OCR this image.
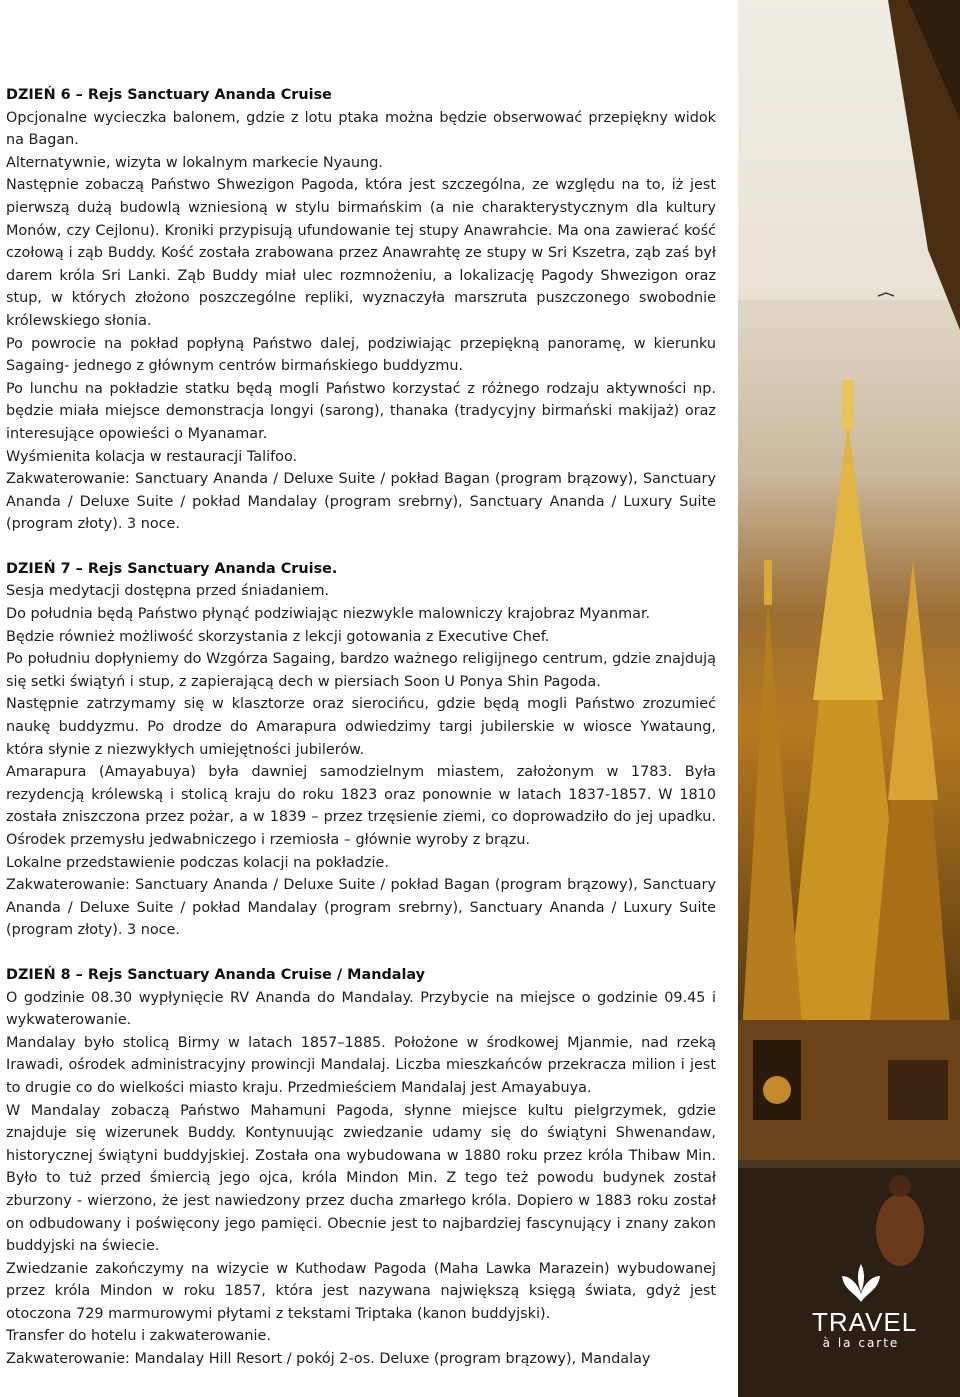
TRAVEL
à la carte

DZIEŃ 6 – Rejs Sanctuary Ananda Cruise

Opcjonalne wycieczka balonem, gdzie z lotu ptaka można będzie obserwować przepiękny widok na Bagan.

Alternatywnie, wizyta w lokalnym markecie Nyaung.

Następnie zobaczą Państwo Shwezigon Pagoda, która jest szczególna, ze względu na to, iż jest pierwszą dużą budowlą wzniesioną w stylu birmańskim (a nie charakterystycznym dla kultury Monów, czy Cejlonu). Kroniki przypisują ufundowanie tej stupy Anawrahcie. Ma ona zawierać kość czołową i ząb Buddy. Kość została zrabowana przez Anawrahtę ze stupy w Sri Kszetra, ząb zaś był darem króla Sri Lanki. Ząb Buddy miał ulec rozmnożeniu, a lokalizację Pagody Shwezigon oraz stup, w których złożono poszczególne repliki, wyznaczyła marszruta puszczonego swobodnie królewskiego słonia.

Po powrocie na pokład popłyną Państwo dalej, podziwiając przepiękną panoramę, w kierunku Sagaing- jednego z głównym centrów birmańskiego buddyzmu.

Po lunchu na pokładzie statku będą mogli Państwo korzystać z różnego rodzaju aktywności np. będzie miała miejsce demonstracja longyi (sarong), thanaka (tradycyjny birmański makijaż) oraz interesujące opowieści o Myanamar.

Wyśmienita kolacja w restauracji Talifoo.

Zakwaterowanie: Sanctuary Ananda / Deluxe Suite / pokład Bagan (program brązowy), Sanctuary Ananda / Deluxe Suite / pokład Mandalay (program srebrny), Sanctuary Ananda / Luxury Suite (program złoty). 3 noce.

DZIEŃ 7 – Rejs Sanctuary Ananda Cruise.

Sesja medytacji dostępna przed śniadaniem.

Do południa będą Państwo płynąć podziwiając niezwykle malowniczy krajobraz Myanmar.

Będzie również możliwość skorzystania z lekcji gotowania z Executive Chef.

Po południu dopłyniemy do Wzgórza Sagaing, bardzo ważnego religijnego centrum, gdzie znajdują się setki świątyń i stup, z zapierającą dech w piersiach Soon U Ponya Shin Pagoda.

Następnie zatrzymamy się w klasztorze oraz sierocińcu, gdzie będą mogli Państwo zrozumieć naukę buddyzmu. Po drodze do Amarapura odwiedzimy targi jubilerskie w wiosce Ywataung, która słynie z niezwykłych umiejętności jubilerów.

Amarapura (Amayabuya) była dawniej samodzielnym miastem, założonym w 1783. Była rezydencją królewską i stolicą kraju do roku 1823 oraz ponownie w latach 1837-1857. W 1810 została zniszczona przez pożar, a w 1839 – przez trzęsienie ziemi, co doprowadziło do jej upadku. Ośrodek przemysłu jedwabniczego i rzemiosła – głównie wyroby z brązu.

Lokalne przedstawienie podczas kolacji na pokładzie.

Zakwaterowanie: Sanctuary Ananda / Deluxe Suite / pokład Bagan (program brązowy), Sanctuary Ananda / Deluxe Suite / pokład Mandalay (program srebrny), Sanctuary Ananda / Luxury Suite (program złoty). 3 noce.

DZIEŃ 8 – Rejs Sanctuary Ananda Cruise / Mandalay

O godzinie 08.30 wypłynięcie RV Ananda do Mandalay. Przybycie na miejsce o godzinie 09.45 i wykwaterowanie.

Mandalay było stolicą Birmy w latach 1857–1885. Położone w środkowej Mjanmie, nad rzeką Irawadi, ośrodek administracyjny prowincji Mandalaj. Liczba mieszkańców przekracza milion i jest to drugie co do wielkości miasto kraju. Przedmieściem Mandalaj jest Amayabuya.

W Mandalay zobaczą Państwo Mahamuni Pagoda, słynne miejsce kultu pielgrzymek, gdzie znajduje się wizerunek Buddy. Kontynuując zwiedzanie udamy się do świątyni Shwenandaw, historycznej świątyni buddyjskiej. Została ona wybudowana w 1880 roku przez króla Thibaw Min. Było to tuż przed śmiercią jego ojca, króla Mindon Min. Z tego też powodu budynek został zburzony - wierzono, że jest nawiedzony przez ducha zmarłego króla. Dopiero w 1883 roku został on odbudowany i poświęcony jego pamięci. Obecnie jest to najbardziej fascynujący i znany zakon buddyjski na świecie.

Zwiedzanie zakończymy na wizycie w Kuthodaw Pagoda (Maha Lawka Marazein) wybudowanej przez króla Mindon w roku 1857, która jest nazywana największą księgą świata, gdyż jest otoczona 729 marmurowymi płytami z tekstami Triptaka (kanon buddyjski).

Transfer do hotelu i zakwaterowanie.

Zakwaterowanie: Mandalay Hill Resort / pokój 2-os. Deluxe (program brązowy), Mandalay
